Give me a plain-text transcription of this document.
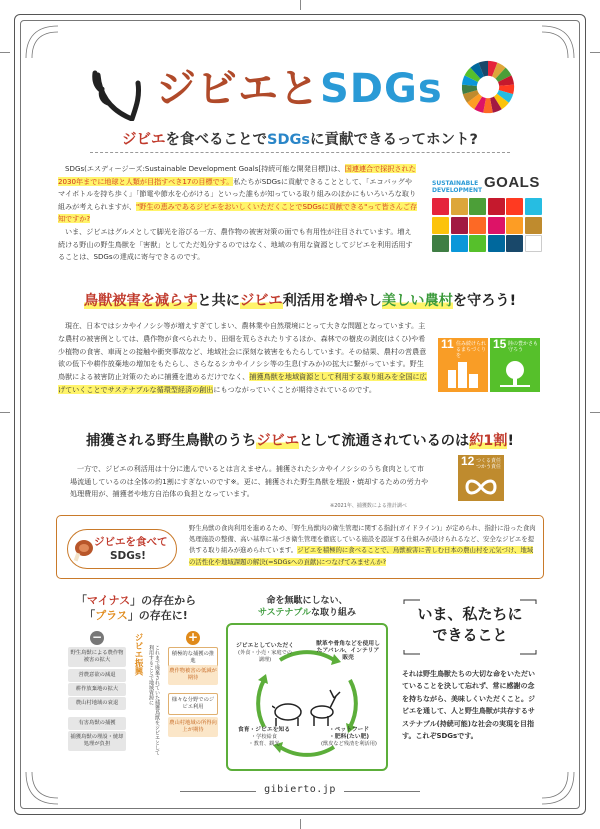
ジビエとSDGs
ジビエを食べることでSDGsに貢献できるってホント?

SDGs(エスディージーズ:Sustainable Development Goals[持続可能な開発目標])は、国連連合で採択された2030年までに地球と人類が目指すべき17の目標です。私たちがSDGsに貢献できることとして、「エコバッグやマイボトルを持ち歩く」「節電や節水を心がける」といった誰もが知っている取り組みのほかにもいろいろな取り組みが考えられますが、"野生の恵みであるジビエをおいしくいただくことでSDGsに貢献できる"って皆さんご存知ですか?

いま、ジビエはグルメとして脚光を浴びる一方、農作物の被害対策の面でも有用性が注目されています。増え続ける野山の野生鳥獣を「害獣」としてただ処分するのではなく、地域の有用な資源としてジビエを利用活用することは、SDGsの達成に寄与できるのです。

SUSTAINABLE DEVELOPMENT GOALS
鳥獣被害を減らすと共にジビエ利活用を増やし美しい農村を守ろう!

現在、日本ではシカやイノシシ等が増えすぎてしまい、農林業や自然環境にとって大きな問題となっています。主な農村の被害例としては、農作物が食べられたり、田畑を荒らされたりするほか、森林での樹皮の剥皮(はくひ)や希少植物の食害、車両との接触や衝突事故など、地域社会に深刻な被害をもたらしています。その結果、農村の営農意欲の低下や耕作放棄地の増加をもたらし、さらなるシカやイノシシ等の生息(すみか)の拡大に繋がっています。野生鳥獣による被害防止対策のために捕獲を進めるだけでなく、捕獲鳥獣を地域資源として利用する取り組みを全国に広げていくことでサステナブルな循環型経済の創出にもつながっていくことが期待されているのです。

11 住み続けられるまちづくりを
15 陸の豊かさも守ろう
捕獲される野生鳥獣のうちジビエとして流通されているのは約1割!

一方で、ジビエの利活用は十分に進んでいるとは言えません。捕獲されたシカやイノシシのうち食肉として市場流通しているのは全体の約1割にすぎないのです※。更に、捕獲された野生鳥獣を埋設・焼却するための労力や処理費用が、捕獲者や地方自治体の負担となっています。

※2021年、捕獲数による推計調べ
12 つくる責任 つかう責任
ジビエを食べて
SDGs!
野生鳥獣の食肉利用を進めるため、「野生鳥獣肉の衛生管理に関する指針(ガイドライン)」が定められ、指針に沿った食肉処理施設の整備、高い基準に基づき衛生管理を徹底している施設を認証する仕組みが設けられるなど、安全なジビエを提供する取り組みが進められています。ジビエを積極的に食べることで、鳥獣被害に苦しむ日本の農山村を元気づけ、地域の活性化や地域課題の解決(=SDGsへの貢献)につなげてみませんか?
「マイナス」の存在から
「プラス」の存在に!
−
野生鳥獣による農作物被害の拡大
営農意欲の減退
耕作放棄地の拡大
農山村地域の衰退
有害鳥獣の捕獲
捕獲鳥獣の埋設・焼却処理が負担
ジビエ振興	これまで廃棄されていた捕獲鳥獣をジビエとして利用することで地域資源に
+
積極的な捕獲の推進
農作物被害の低減が期待
様々な分野でのジビエ利用
農山村地域の所得向上が期待
命を無駄にしない、
サステナブルな取り組み
ジビエとしていただく
(外食・小売・家庭での調理)
獣革や骨角などを使用したアパレル、インテリア販売
食育・ジビエを知る
・学校給食
・教育、観光
・ペットフード
・肥料(たい肥)
(獣皮など残渣を利活用)
いま、私たちに
できること
それは野生鳥獣たちの大切な命をいただいていることを決して忘れず、常に感謝の念を持ちながら、美味しくいただくこと。ジビエを通して、人と野生鳥獣が共存するサステナブル(持続可能)な社会の実現を目指す。これぞSDGsです。
gibierto.jp
